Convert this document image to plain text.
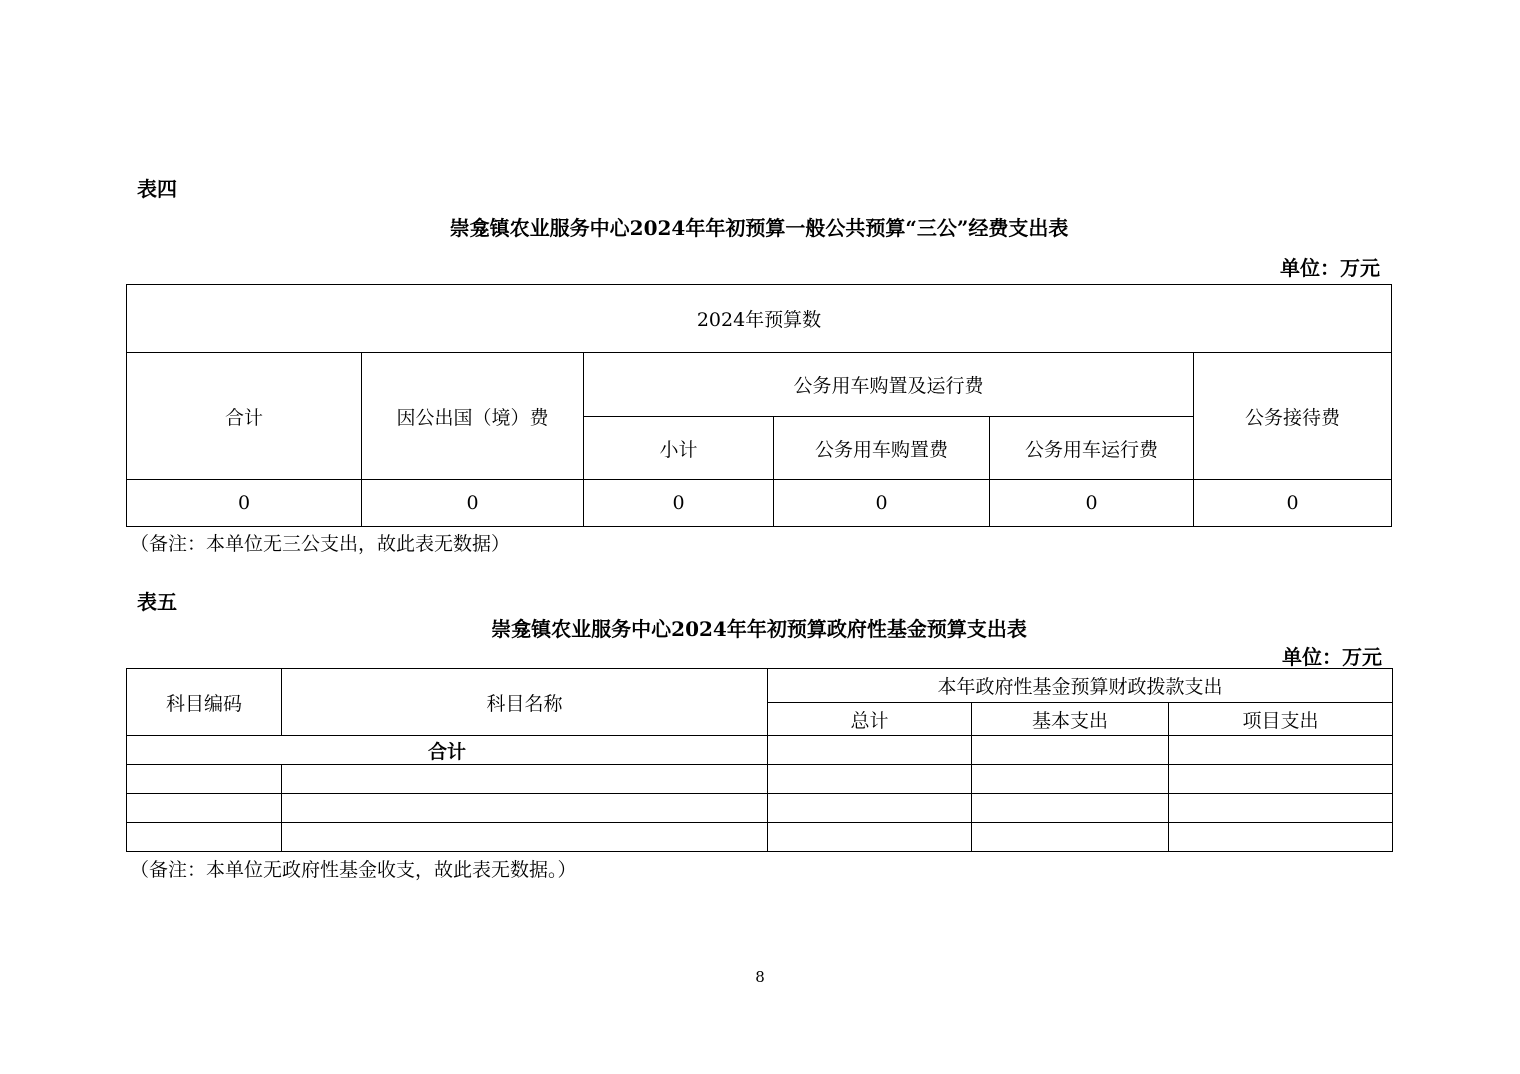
表四
崇龛镇农业服务中心2024年年初预算一般公共预算“三公”经费支出表
单位：万元
2024年预算数					
合计	因公出国（境）费	公务用车购置及运行费			公务接待费
		小计	公务用车购置费	公务用车运行费	
0	0	0	0	0	0
（备注：本单位无三公支出，故此表无数据）
表五
崇龛镇农业服务中心2024年年初预算政府性基金预算支出表
单位：万元
科目编码	科目名称	本年政府性基金预算财政拨款支出		
		总计	基本支出	项目支出
合计				

（备注：本单位无政府性基金收支，故此表无数据。）
8
